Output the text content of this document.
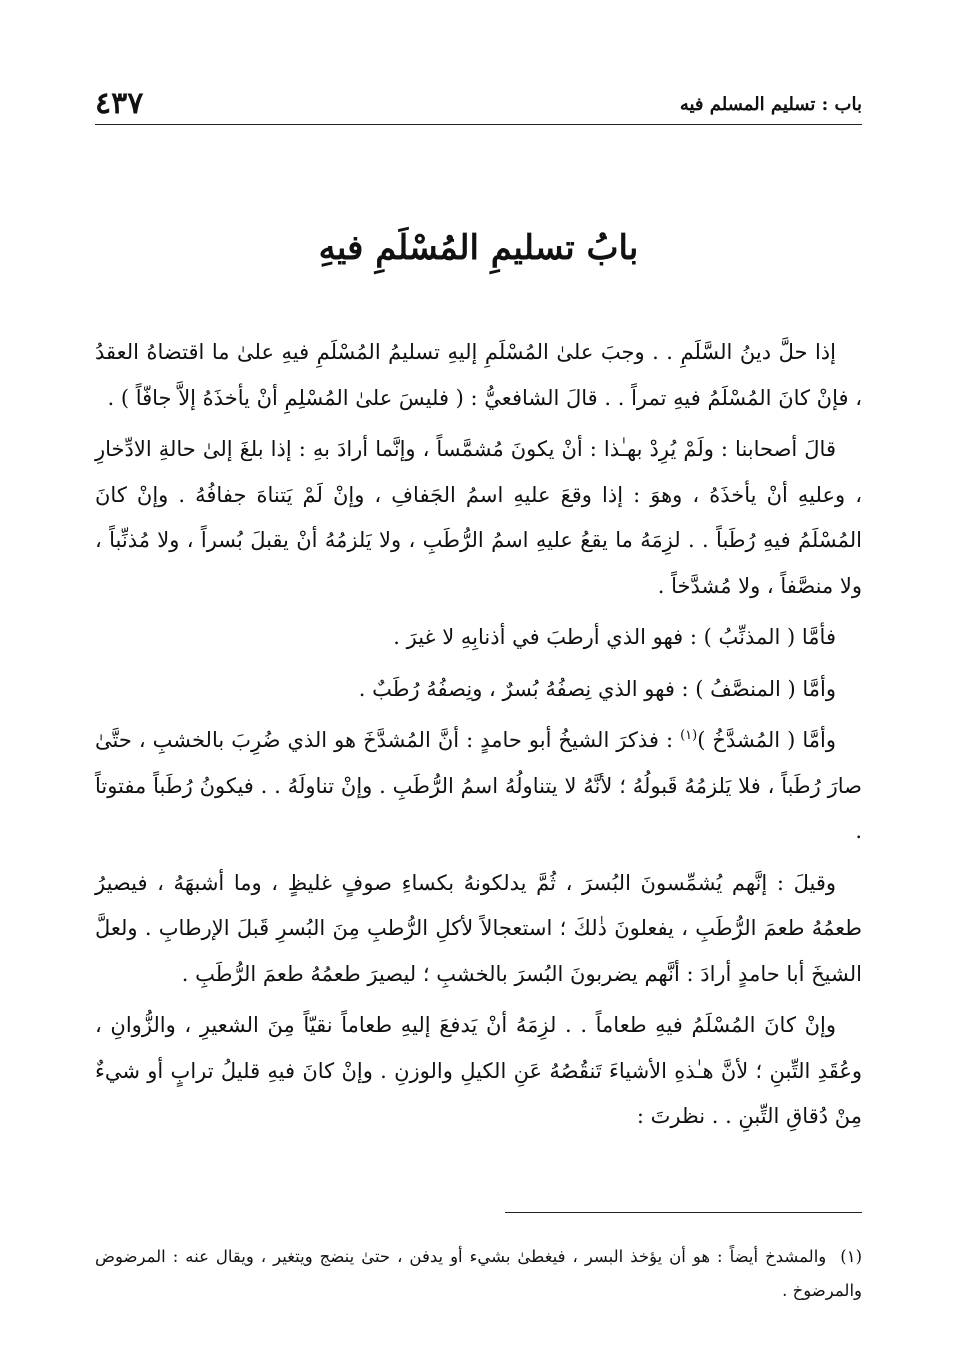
باب : تسليم المسلم فيه
٤٣٧
بابُ تسليمِ المُسْلَمِ فيهِ

إذا حلَّ دينُ السَّلَمِ . . وجبَ علىٰ المُسْلَمِ إليهِ تسليمُ المُسْلَمِ فيهِ علىٰ ما اقتضاهُ العقدُ ، فإنْ كانَ المُسْلَمُ فيهِ تمراً . . قالَ الشافعيُّ : ( فليسَ علىٰ المُسْلِمِ أنْ يأخذَهُ إلاَّ جافّاً ) .

قالَ أصحابنا : ولَمْ يُرِدْ بهـٰذا : أنْ يكونَ مُشمَّساً ، وإنَّما أرادَ بهِ : إذا بلغَ إلىٰ حالةِ الادِّخارِ ، وعليهِ أنْ يأخذَهُ ، وهوَ : إذا وقعَ عليهِ اسمُ الجَفافِ ، وإنْ لَمْ يَتناهَ جفافُهُ . وإنْ كانَ المُسْلَمُ فيهِ رُطَباً . . لزِمَهُ ما يقعُ عليهِ اسمُ الرُّطَبِ ، ولا يَلزمُهُ أنْ يقبلَ بُسراً ، ولا مُذنِّباً ، ولا منصَّفاً ، ولا مُشدَّخاً .

فأمَّا ( المذنِّبُ ) : فهو الذي أرطبَ في أذنابِهِ لا غيرَ .

وأمَّا ( المنصَّفُ ) : فهو الذي نِصفُهُ بُسرٌ ، ونِصفُهُ رُطَبٌ .

وأمَّا ( المُشدَّخُ )$^{(١)}$ : فذكرَ الشيخُ أبو حامدٍ : أنَّ المُشدَّخَ هو الذي ضُرِبَ بالخشبِ ، حتَّىٰ صارَ رُطَباً ، فلا يَلزمُهُ قَبولُهُ ؛ لأنَّهُ لا يتناولُهُ اسمُ الرُّطَبِ . وإنْ تناولَهُ . . فيكونُ رُطَباً مفتوتاً .

وقيلَ : إنَّهم يُشمِّسونَ البُسرَ ، ثُمَّ يدلكونهُ بكساءِ صوفٍ غليظٍ ، وما أشبهَهُ ، فيصيرُ طعمُهُ طعمَ الرُّطَبِ ، يفعلونَ ذٰلكَ ؛ استعجالاً لأكلِ الرُّطبِ مِنَ البُسرِ قَبلَ الإرطابِ . ولعلَّ الشيخَ أبا حامدٍ أرادَ : أنَّهم يضربونَ البُسرَ بالخشبِ ؛ ليصيرَ طعمُهُ طعمَ الرُّطَبِ .

وإنْ كانَ المُسْلَمُ فيهِ طعاماً . . لزِمَهُ أنْ يَدفعَ إليهِ طعاماً نقيّاً مِنَ الشعيرِ ، والزُّوانِ ، وعُقَدِ التِّبنِ ؛ لأنَّ هـٰذهِ الأشياءَ تَنقُصُهُ عَنِ الكيلِ والوزنِ . وإنْ كانَ فيهِ قليلُ ترابٍ أو شيءٌ مِنْ دُقاقِ التِّبنِ . . نظرتَ :

(١)والمشدخ أيضاً : هو أن يؤخذ البسر ، فيغطىٰ بشيء أو يدفن ، حتىٰ ينضج ويتغير ، ويقال عنه : المرضوض والمرضوخ .
